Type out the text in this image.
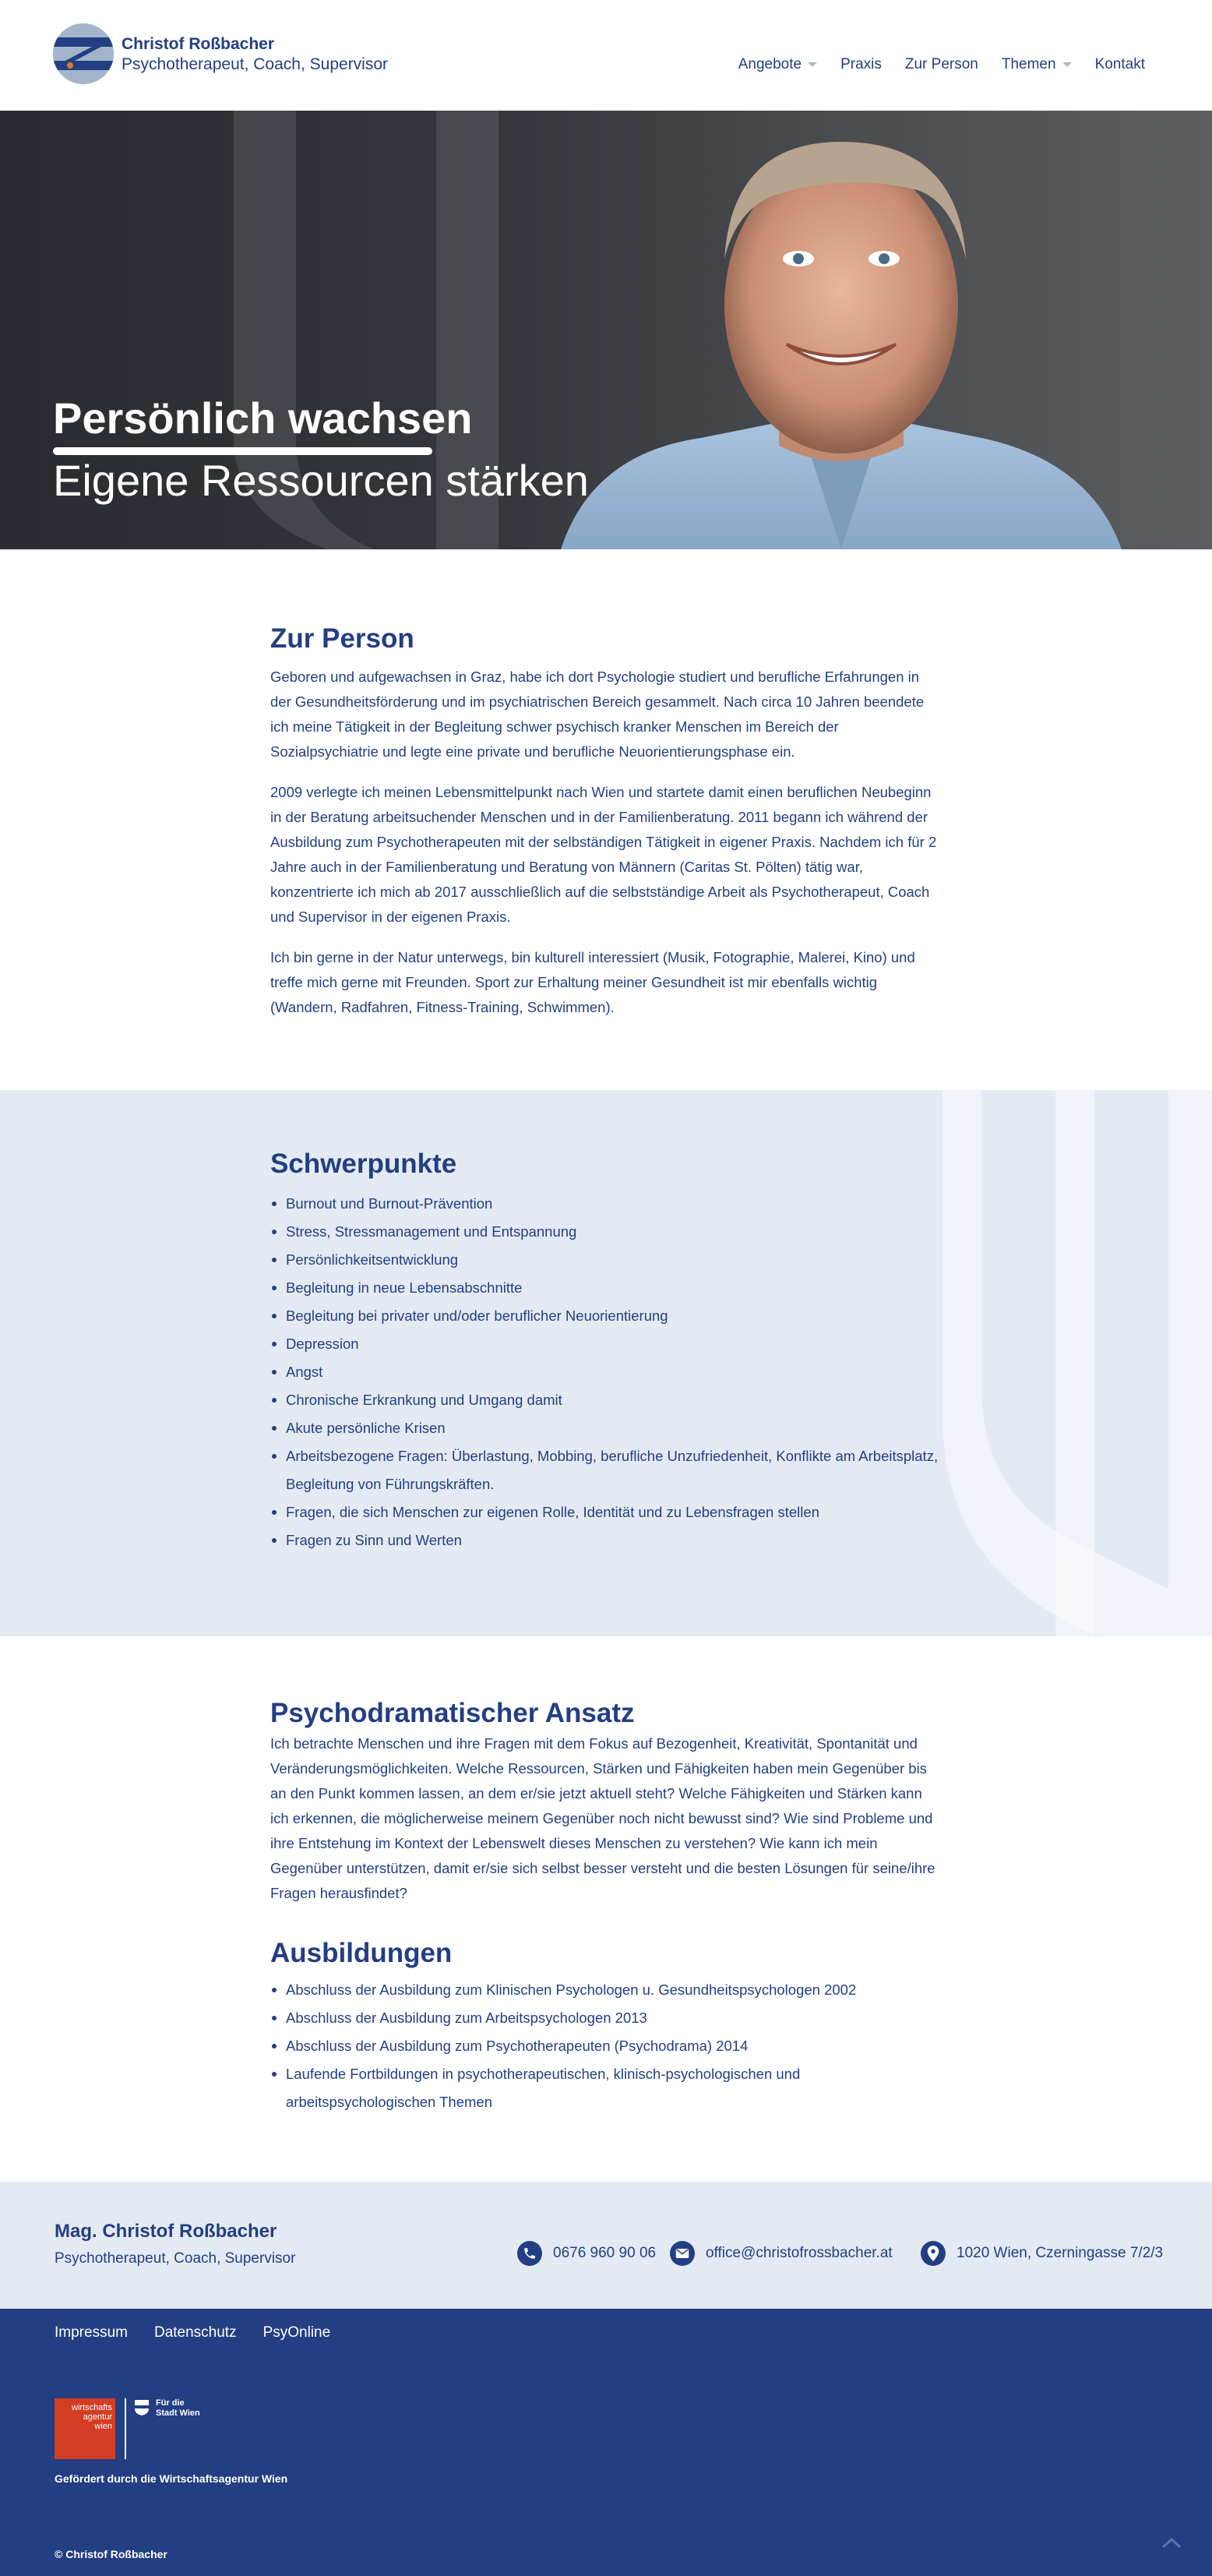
Christof Roßbacher
Psychotherapeut, Coach, Supervisor	Angebote	Praxis Zur Person Themen	Kontakt
Persönlich wachsen
Eigene Ressourcen stärken
Zur Person
Geboren und aufgewachsen in Graz, habe ich dort Psychologie studiert und berufliche Erfahrungen in der Gesundheitsförderung und im psychiatrischen Bereich gesammelt. Nach circa 10 Jahren beendete ich meine Tätigkeit in der Begleitung schwer psychisch kranker Menschen im Bereich der Sozialpsychiatrie und legte eine private und berufliche Neuorientierungsphase ein.
2009 verlegte ich meinen Lebensmittelpunkt nach Wien und startete damit einen beruflichen Neubeginn in der Beratung arbeitsuchender Menschen und in der Familienberatung. 2011 begann ich während der Ausbildung zum Psychotherapeuten mit der selbständigen Tätigkeit in eigener Praxis. Nachdem ich für 2 Jahre auch in der Familienberatung und Beratung von Männern (Caritas St. Pölten) tätig war, konzentrierte ich mich ab 2017 ausschließlich auf die selbstständige Arbeit als Psychotherapeut, Coach und Supervisor in der eigenen Praxis.
Ich bin gerne in der Natur unterwegs, bin kulturell interessiert (Musik, Fotographie, Malerei, Kino) und treffe mich gerne mit Freunden. Sport zur Erhaltung meiner Gesundheit ist mir ebenfalls wichtig (Wandern, Radfahren, Fitness-Training, Schwimmen).
Schwerpunkte
Burnout und Burnout-Prävention
Stress, Stressmanagement und Entspannung
Persönlichkeitsentwicklung
Begleitung in neue Lebensabschnitte
Begleitung bei privater und/oder beruflicher Neuorientierung
Depression
Angst
Chronische Erkrankung und Umgang damit
Akute persönliche Krisen
Arbeitsbezogene Fragen: Überlastung, Mobbing, berufliche Unzufriedenheit, Konflikte am Arbeitsplatz, Begleitung von Führungskräften.
Fragen, die sich Menschen zur eigenen Rolle, Identität und zu Lebensfragen stellen
Fragen zu Sinn und Werten
Psychodramatischer Ansatz
Ich betrachte Menschen und ihre Fragen mit dem Fokus auf Bezogenheit, Kreativität, Spontanität und Veränderungsmöglichkeiten. Welche Ressourcen, Stärken und Fähigkeiten haben mein Gegenüber bis an den Punkt kommen lassen, an dem er/sie jetzt aktuell steht? Welche Fähigkeiten und Stärken kann ich erkennen, die möglicherweise meinem Gegenüber noch nicht bewusst sind? Wie sind Probleme und ihre Entstehung im Kontext der Lebenswelt dieses Menschen zu verstehen? Wie kann ich mein Gegenüber unterstützen, damit er/sie sich selbst besser versteht und die besten Lösungen für seine/ihre Fragen herausfindet?
Ausbildungen
Abschluss der Ausbildung zum Klinischen Psychologen u. Gesundheitspsychologen 2002
Abschluss der Ausbildung zum Arbeitspsychologen 2013
Abschluss der Ausbildung zum Psychotherapeuten (Psychodrama) 2014
Laufende Fortbildungen in psychotherapeutischen, klinisch-psychologischen und arbeitspsychologischen Themen
Mag. Christof Roßbacher
Psychotherapeut, Coach, Supervisor	0676 960 90 06	office@christofrossbacher.at	1020 Wien, Czerningasse 7/2/3
Impressum Datenschutz PsyOnline
wirtschafts
agentur
wien
Für die
Stadt Wien
Gefördert durch die Wirtschaftsagentur Wien
© Christof Roßbacher
